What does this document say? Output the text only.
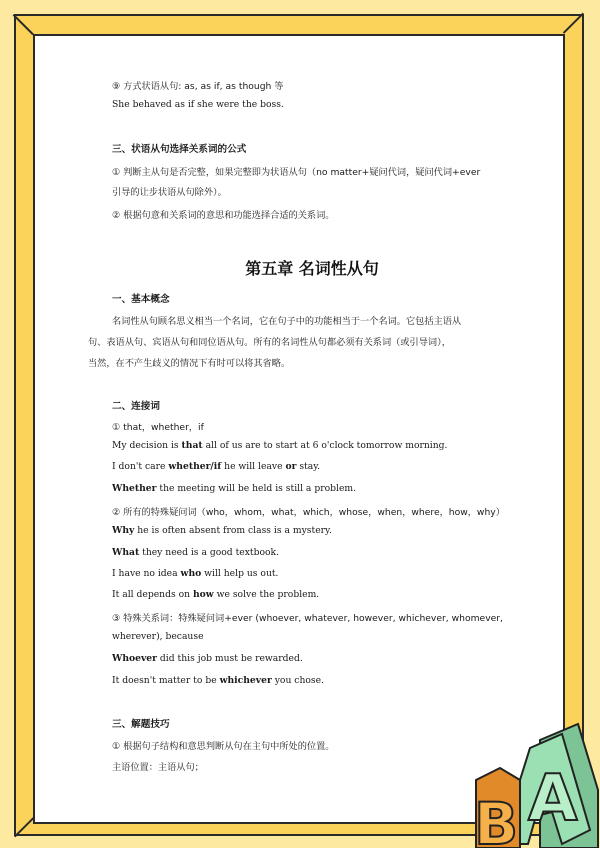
⑨ 方式状语从句: as, as if, as though 等
She behaved as if she were the boss.
三、状语从句选择关系词的公式
① 判断主从句是否完整，如果完整即为状语从句（no matter+疑问代词，疑问代词+ever
引导的让步状语从句除外）。
② 根据句意和关系词的意思和功能选择合适的关系词。
第五章 名词性从句
一、基本概念
名词性从句顾名思义相当一个名词，它在句子中的功能相当于一个名词。它包括主语从
句、表语从句、宾语从句和同位语从句。所有的名词性从句都必须有关系词（或引导词），
当然，在不产生歧义的情况下有时可以将其省略。
二、连接词
① that，whether，if
My decision is that all of us are to start at 6 o'clock tomorrow morning.
I don't care whether/if he will leave or stay.
Whether the meeting will be held is still a problem.
② 所有的特殊疑问词（who，whom，what，which，whose，when，where，how，why）
Why he is often absent from class is a mystery.
What they need is a good textbook.
I have no idea who will help us out.
It all depends on how we solve the problem.
③ 特殊关系词：特殊疑问词+ever (whoever, whatever, however, whichever, whomever,
wherever), because
Whoever did this job must be rewarded.
It doesn't matter to be whichever you chose.
三、解题技巧
① 根据句子结构和意思判断从句在主句中所处的位置。
主语位置：主语从句；	A
B
